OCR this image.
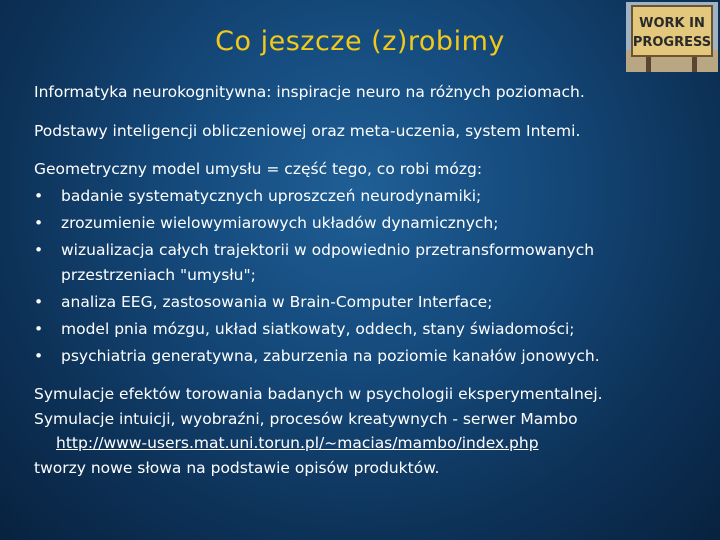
Co jeszcze (z)robimy
WORK IN
PROGRESS

Informatyka neurokognitywna: inspiracje neuro na różnych poziomach.

Podstawy inteligencji obliczeniowej oraz meta-uczenia, system Intemi.

Geometryczny model umysłu = część tego, co robi mózg:

• badanie systematycznych uproszczeń neurodynamiki;
• zrozumienie wielowymiarowych układów dynamicznych;
• wizualizacja całych trajektorii w odpowiednio przetransformowanych przestrzeniach "umysłu";
• analiza EEG, zastosowania w Brain-Computer Interface;
• model pnia mózgu, układ siatkowaty, oddech, stany świadomości;
• psychiatria generatywna, zaburzenia na poziomie kanałów jonowych.

Symulacje efektów torowania badanych w psychologii eksperymentalnej.

Symulacje intuicji, wyobraźni, procesów kreatywnych - serwer Mambo

http://www-users.mat.uni.torun.pl/~macias/mambo/index.php

tworzy nowe słowa na podstawie opisów produktów.
